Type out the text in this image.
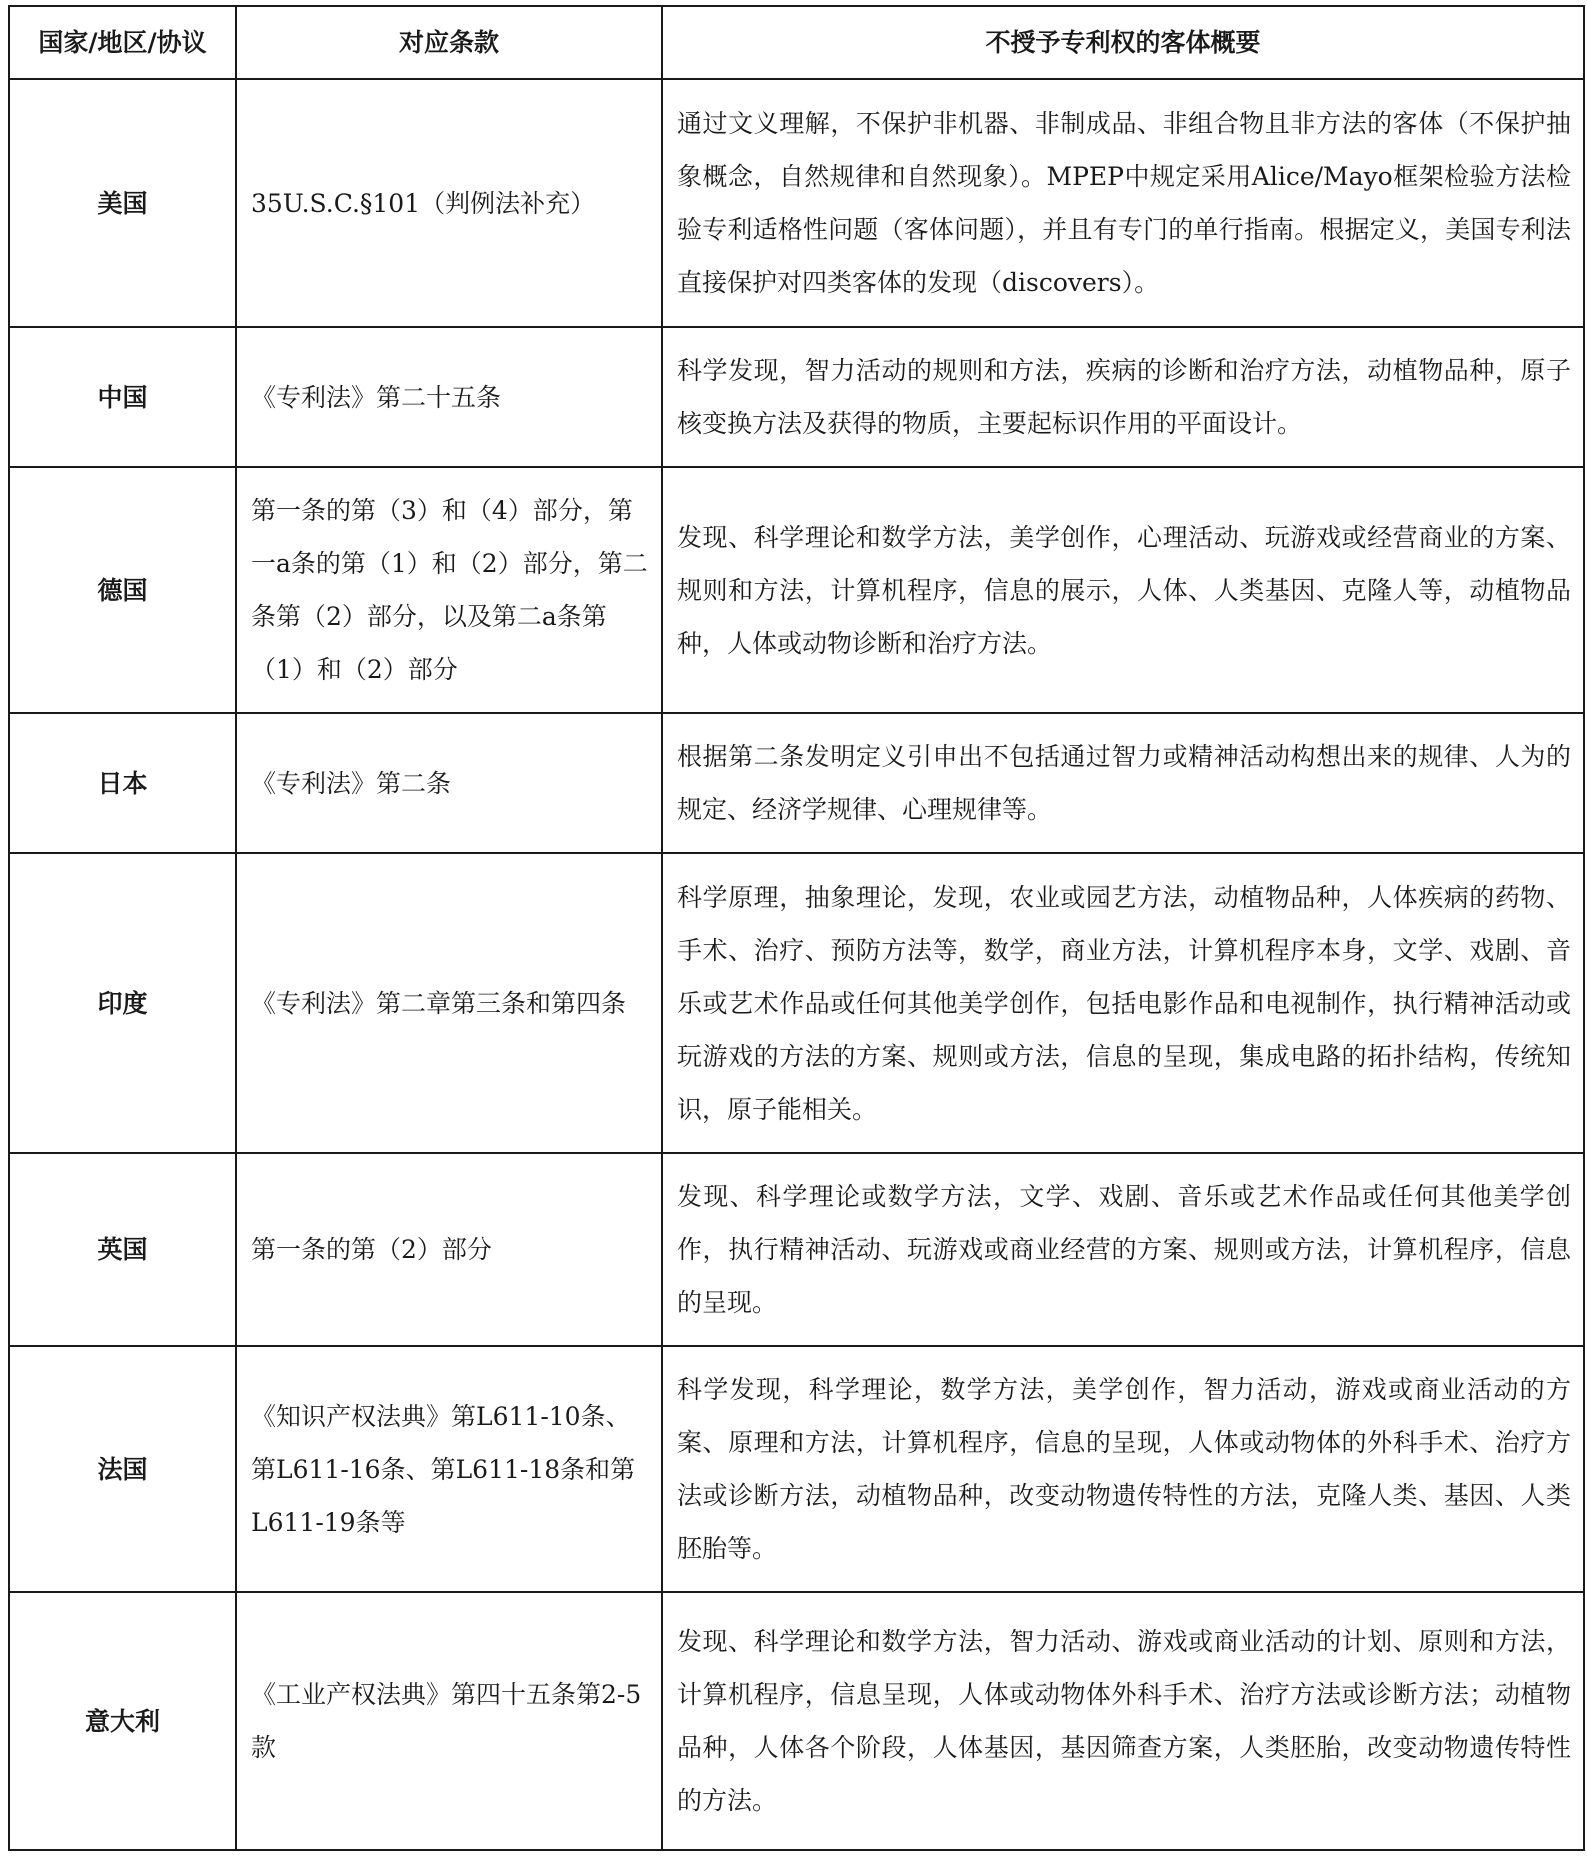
国家/地区/协议	对应条款	不授予专利权的客体概要
美国	35U.S.C.§101（判例法补充）	通过文义理解，不保护非机器、非制成品、非组合物且非方法的客体（不保护抽象概念，自然规律和自然现象）。MPEP中规定采用Alice/Mayo框架检验方法检验专利适格性问题（客体问题），并且有专门的单行指南。根据定义，美国专利法直接保护对四类客体的发现（discovers）。
中国	《专利法》第二十五条	科学发现，智力活动的规则和方法，疾病的诊断和治疗方法，动植物品种，原子核变换方法及获得的物质，主要起标识作用的平面设计。
德国	第一条的第（3）和（4）部分，第一a条的第（1）和（2）部分，第二条第（2）部分，以及第二a条第（1）和（2）部分	发现、科学理论和数学方法，美学创作，心理活动、玩游戏或经营商业的方案、规则和方法，计算机程序，信息的展示，人体、人类基因、克隆人等，动植物品种，人体或动物诊断和治疗方法。
日本	《专利法》第二条	根据第二条发明定义引申出不包括通过智力或精神活动构想出来的规律、人为的规定、经济学规律、心理规律等。
印度	《专利法》第二章第三条和第四条	科学原理，抽象理论，发现，农业或园艺方法，动植物品种，人体疾病的药物、手术、治疗、预防方法等，数学，商业方法，计算机程序本身，文学、戏剧、音乐或艺术作品或任何其他美学创作，包括电影作品和电视制作，执行精神活动或玩游戏的方法的方案、规则或方法，信息的呈现，集成电路的拓扑结构，传统知识，原子能相关。
英国	第一条的第（2）部分	发现、科学理论或数学方法，文学、戏剧、音乐或艺术作品或任何其他美学创作，执行精神活动、玩游戏或商业经营的方案、规则或方法，计算机程序，信息的呈现。
法国	《知识产权法典》第L611-10条、第L611-16条、第L611-18条和第L611-19条等	科学发现，科学理论，数学方法，美学创作，智力活动，游戏或商业活动的方案、原理和方法，计算机程序，信息的呈现，人体或动物体的外科手术、治疗方法或诊断方法，动植物品种，改变动物遗传特性的方法，克隆人类、基因、人类胚胎等。
意大利	《工业产权法典》第四十五条第2-5款	发现、科学理论和数学方法，智力活动、游戏或商业活动的计划、原则和方法，计算机程序，信息呈现，人体或动物体外科手术、治疗方法或诊断方法；动植物品种，人体各个阶段，人体基因，基因筛查方案，人类胚胎，改变动物遗传特性的方法。
